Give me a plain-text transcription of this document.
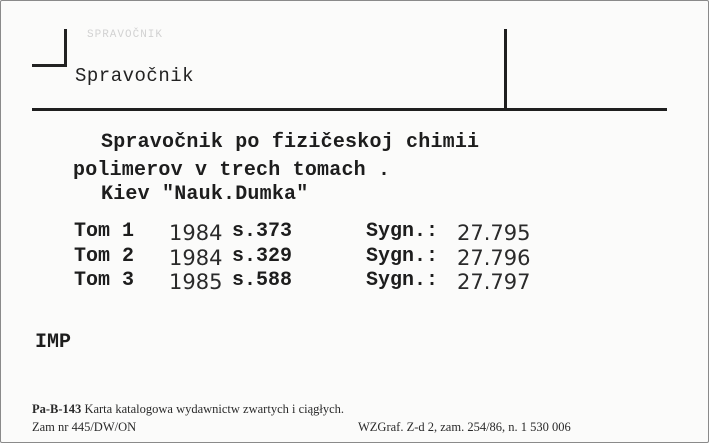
SPRAVOČNIK
Spravočnik
Spravočnik po fizičeskoj chimii
polimerov v trech tomach .
Kiev "Nauk.Dumka"
Tom 1 1984 s.373	Sygn.: 27.795
Tom 2 1984 s.329	Sygn.: 27.796
Tom 3 1985 s.588	Sygn.: 27.797
IMP
Pa-B-143 Karta katalogowa wydawnictw zwartych i ciągłych.
Zam nr 445/DW/ON	WZGraf. Z-d 2, zam. 254/86, n. 1 530 006
